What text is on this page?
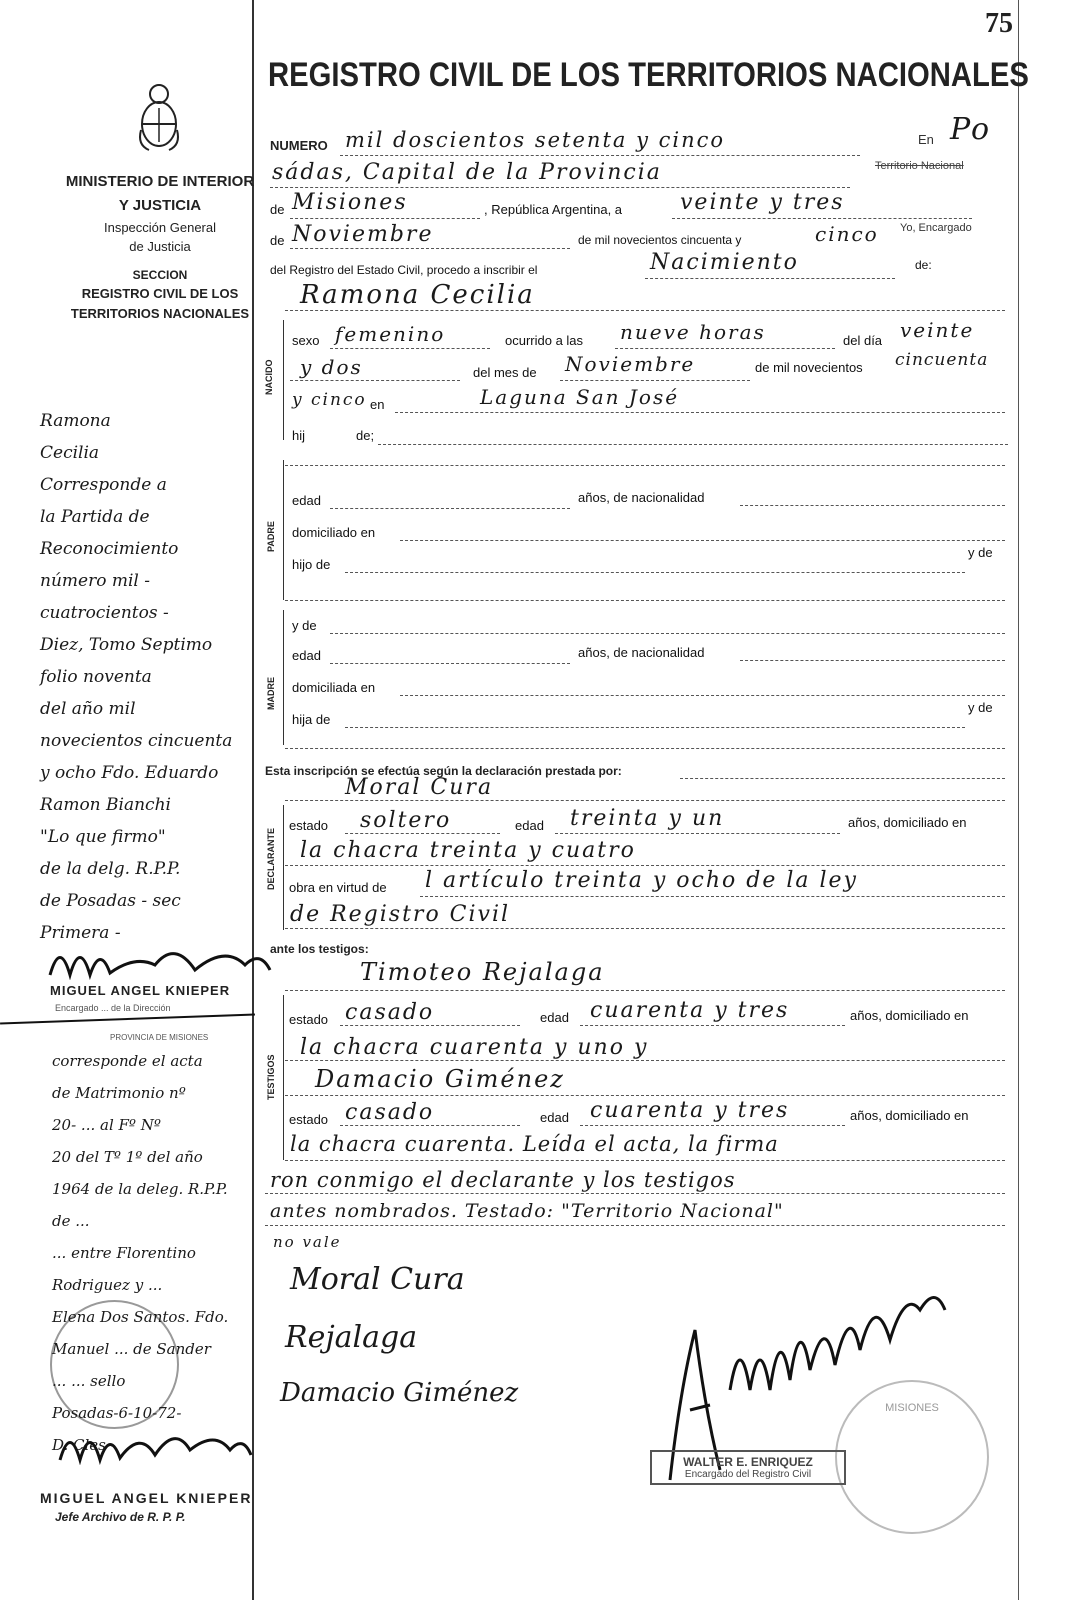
75
MINISTERIO DE INTERIOR
Y JUSTICIA
Inspección General
de Justicia
SECCION
REGISTRO CIVIL DE LOS
TERRITORIOS NACIONALES
REGISTRO CIVIL DE LOS TERRITORIOS NACIONALES
NUMERO mil doscientos setenta y cinco	En Po
sádas, Capital de la Provincia	Territorio Nacional
de Misiones	, República Argentina, a	veinte y tres
de Noviembre	de mil novecientos cincuenta y	cinco Yo, Encargado
del Registro del Estado Civil, procedo a inscribir el	Nacimiento	de:
Ramona Cecilia
NACIDO
sexo femenino	ocurrido a las nueve horas	del día veinte
y dos	del mes de Noviembre	de mil novecientos cincuenta
y cinco en	Laguna San José
hij	de;
PADRE
edad	años, de nacionalidad
domiciliado en
hijo de
y de
y de
MADRE
edad	años, de nacionalidad
domiciliada en
hija de
y de
Esta inscripción se efectúa según la declaración prestada por:
Moral Cura
DECLARANTE
estado soltero	edad treinta y un	años, domiciliado en
la chacra treinta y cuatro
obra en virtud de l artículo treinta y ocho de la ley
de Registro Civil
ante los testigos:
Timoteo Rejalaga
TESTIGOS
estado casado	edad cuarenta y tres	años, domiciliado en
la chacra cuarenta y uno y
Damacio Giménez
estado casado	edad cuarenta y tres	años, domiciliado en
la chacra cuarenta. Leída el acta, la firma
ron conmigo el declarante y los testigos
antes nombrados. Testado: "Territorio Nacional"
no vale
Moral Cura
Rejalaga
Damacio Giménez	MISIONES
WALTER E. ENRIQUEZ
Encargado del Registro Civil
Ramona
Cecilia
Corresponde a
la Partida de
Reconocimiento
número mil -
cuatrocientos -
Diez, Tomo Septimo
folio noventa
del año mil
novecientos cincuenta
y ocho Fdo. Eduardo
Ramon Bianchi
"Lo que firmo"
de la delg. R.P.P.
de Posadas - sec
Primera -
MIGUEL ANGEL KNIEPER
Encargado ... de la Dirección
PROVINCIA DE MISIONES
corresponde el acta
de Matrimonio nº
20- ... al Fº Nº
20 del Tº 1º del año
1964 de la deleg. R.P.P.
de ...
... entre Florentino
Rodriguez y ...
Elena Dos Santos. Fdo.
Manuel ... de Sander
... ... sello
Posadas-6-10-72-
D. Cles -
MIGUEL ANGEL KNIEPER
Jefe Archivo de R. P. P.
